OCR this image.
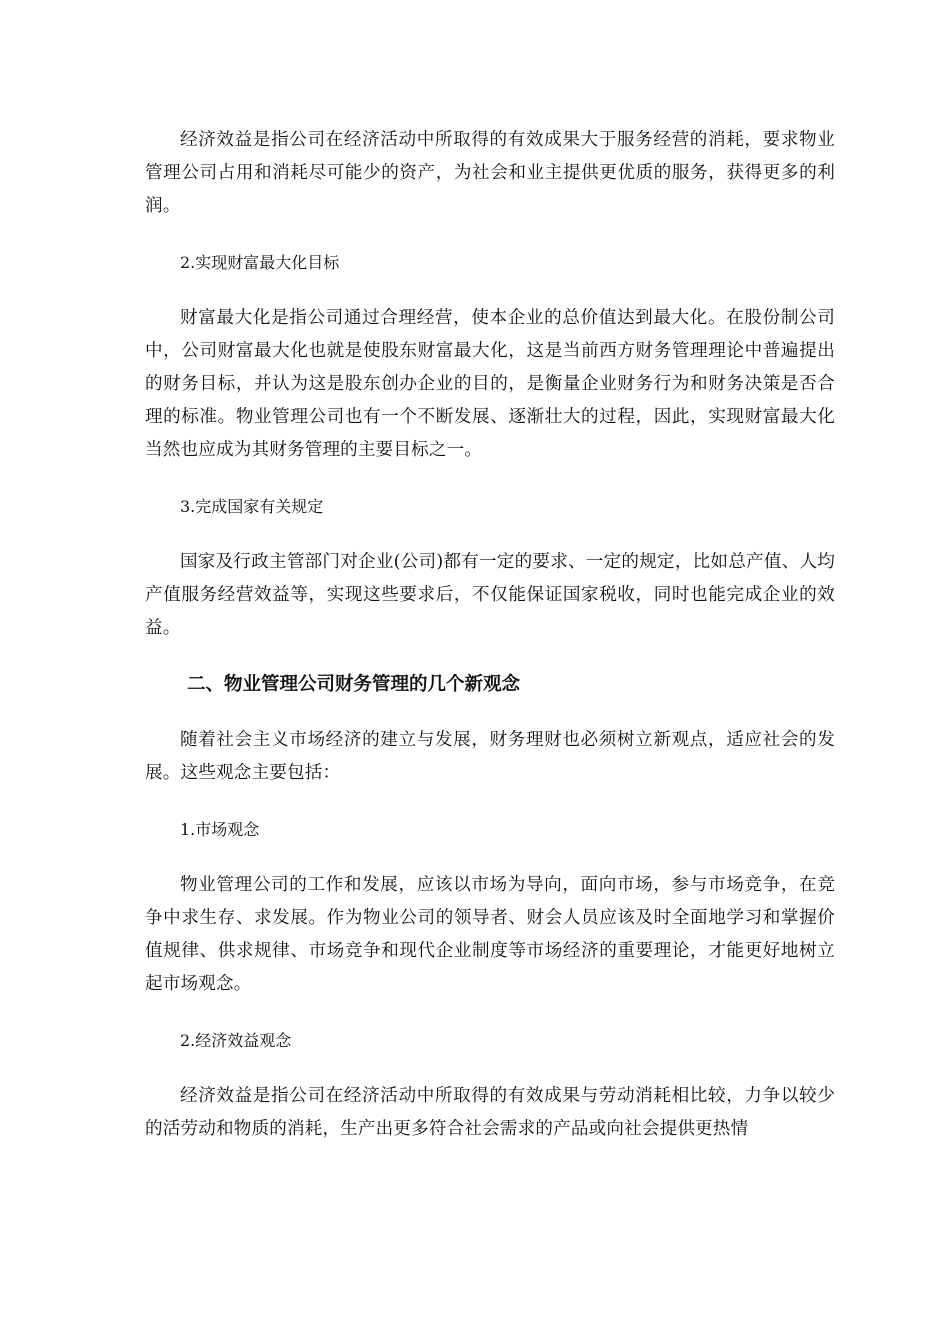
经济效益是指公司在经济活动中所取得的有效成果大于服务经营的消耗，要求物业管理公司占用和消耗尽可能少的资产，为社会和业主提供更优质的服务，获得更多的利润。

2.实现财富最大化目标

财富最大化是指公司通过合理经营，使本企业的总价值达到最大化。在股份制公司中，公司财富最大化也就是使股东财富最大化，这是当前西方财务管理理论中普遍提出的财务目标，并认为这是股东创办企业的目的，是衡量企业财务行为和财务决策是否合理的标准。物业管理公司也有一个不断发展、逐渐壮大的过程，因此，实现财富最大化当然也应成为其财务管理的主要目标之一。

3.完成国家有关规定

国家及行政主管部门对企业(公司)都有一定的要求、一定的规定，比如总产值、人均产值服务经营效益等，实现这些要求后，不仅能保证国家税收，同时也能完成企业的效益。

二、物业管理公司财务管理的几个新观念

随着社会主义市场经济的建立与发展，财务理财也必须树立新观点，适应社会的发展。这些观念主要包括：

1.市场观念

物业管理公司的工作和发展，应该以市场为导向，面向市场，参与市场竞争，在竞争中求生存、求发展。作为物业公司的领导者、财会人员应该及时全面地学习和掌握价值规律、供求规律、市场竞争和现代企业制度等市场经济的重要理论，才能更好地树立起市场观念。

2.经济效益观念

经济效益是指公司在经济活动中所取得的有效成果与劳动消耗相比较，力争以较少的活劳动和物质的消耗，生产出更多符合社会需求的产品或向社会提供更热情
